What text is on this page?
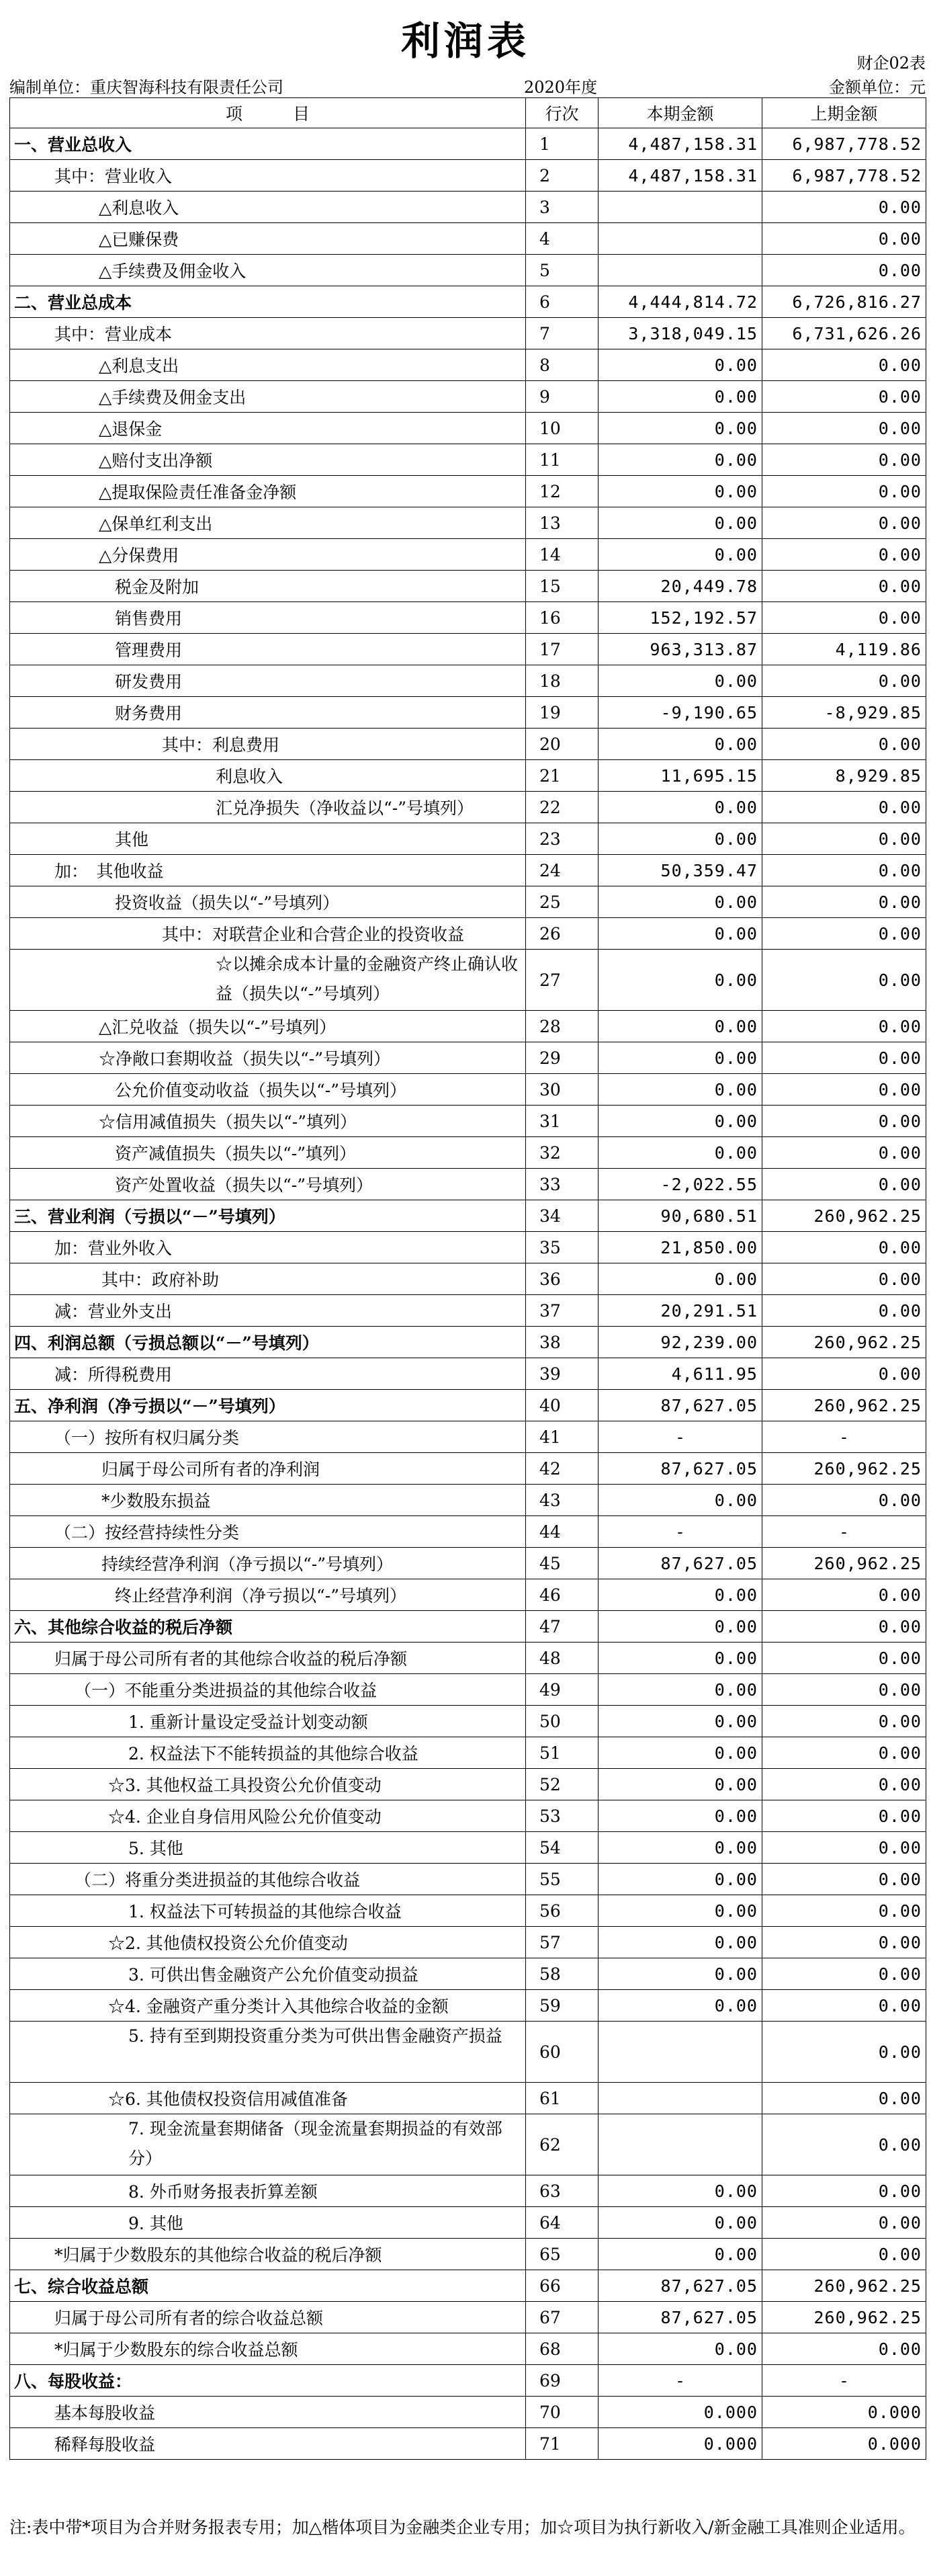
利润表	财企02表
编制单位：重庆智海科技有限责任公司	2020年度	金额单位：元
项　　　目	行次	本期金额	上期金额
一、营业总收入	1	4,487,158.31	6,987,778.52
其中：营业收入	2	4,487,158.31	6,987,778.52
△利息收入	3		0.00
△已赚保费	4		0.00
△手续费及佣金收入	5		0.00
二、营业总成本	6	4,444,814.72	6,726,816.27
其中：营业成本	7	3,318,049.15	6,731,626.26
△利息支出	8	0.00	0.00
△手续费及佣金支出	9	0.00	0.00
△退保金	10	0.00	0.00
△赔付支出净额	11	0.00	0.00
△提取保险责任准备金净额	12	0.00	0.00
△保单红利支出	13	0.00	0.00
△分保费用	14	0.00	0.00
税金及附加	15	20,449.78	0.00
销售费用	16	152,192.57	0.00
管理费用	17	963,313.87	4,119.86
研发费用	18	0.00	0.00
财务费用	19	-9,190.65	-8,929.85
其中：利息费用	20	0.00	0.00
利息收入	21	11,695.15	8,929.85
汇兑净损失（净收益以“-”号填列）	22	0.00	0.00
其他	23	0.00	0.00
加：　其他收益	24	50,359.47	0.00
投资收益（损失以“-”号填列）	25	0.00	0.00
其中：对联营企业和合营企业的投资收益	26	0.00	0.00
☆以摊余成本计量的金融资产终止确认收益（损失以“-”号填列）	27	0.00	0.00
△汇兑收益（损失以“-”号填列）	28	0.00	0.00
☆净敞口套期收益（损失以“-”号填列）	29	0.00	0.00
公允价值变动收益（损失以“-”号填列）	30	0.00	0.00
☆信用减值损失（损失以“-”填列）	31	0.00	0.00
资产减值损失（损失以“-”填列）	32	0.00	0.00
资产处置收益（损失以“-”号填列）	33	-2,022.55	0.00
三、营业利润（亏损以“－”号填列）	34	90,680.51	260,962.25
加：营业外收入	35	21,850.00	0.00
其中：政府补助	36	0.00	0.00
减：营业外支出	37	20,291.51	0.00
四、利润总额（亏损总额以“－”号填列）	38	92,239.00	260,962.25
减：所得税费用	39	4,611.95	0.00
五、净利润（净亏损以“－”号填列）	40	87,627.05	260,962.25
（一）按所有权归属分类	41	-	-
归属于母公司所有者的净利润	42	87,627.05	260,962.25
*少数股东损益	43	0.00	0.00
（二）按经营持续性分类	44	-	-
持续经营净利润（净亏损以“-”号填列）	45	87,627.05	260,962.25
终止经营净利润（净亏损以“-”号填列）	46	0.00	0.00
六、其他综合收益的税后净额	47	0.00	0.00
归属于母公司所有者的其他综合收益的税后净额	48	0.00	0.00
（一）不能重分类进损益的其他综合收益	49	0.00	0.00
1. 重新计量设定受益计划变动额	50	0.00	0.00
2. 权益法下不能转损益的其他综合收益	51	0.00	0.00
☆3. 其他权益工具投资公允价值变动	52	0.00	0.00
☆4. 企业自身信用风险公允价值变动	53	0.00	0.00
5. 其他	54	0.00	0.00
（二）将重分类进损益的其他综合收益	55	0.00	0.00
1. 权益法下可转损益的其他综合收益	56	0.00	0.00
☆2. 其他债权投资公允价值变动	57	0.00	0.00
3. 可供出售金融资产公允价值变动损益	58	0.00	0.00
☆4. 金融资产重分类计入其他综合收益的金额	59	0.00	0.00
5. 持有至到期投资重分类为可供出售金融资产损益	60		0.00
☆6. 其他债权投资信用减值准备	61		0.00
7. 现金流量套期储备（现金流量套期损益的有效部分）	62		0.00
8. 外币财务报表折算差额	63	0.00	0.00
9. 其他	64	0.00	0.00
*归属于少数股东的其他综合收益的税后净额	65	0.00	0.00
七、综合收益总额	66	87,627.05	260,962.25
归属于母公司所有者的综合收益总额	67	87,627.05	260,962.25
*归属于少数股东的综合收益总额	68	0.00	0.00
八、每股收益：	69	-	-
基本每股收益	70	0.000	0.000
稀释每股收益	71	0.000	0.000
注:表中带*项目为合并财务报表专用；加△楷体项目为金融类企业专用；加☆项目为执行新收入/新金融工具准则企业适用。
